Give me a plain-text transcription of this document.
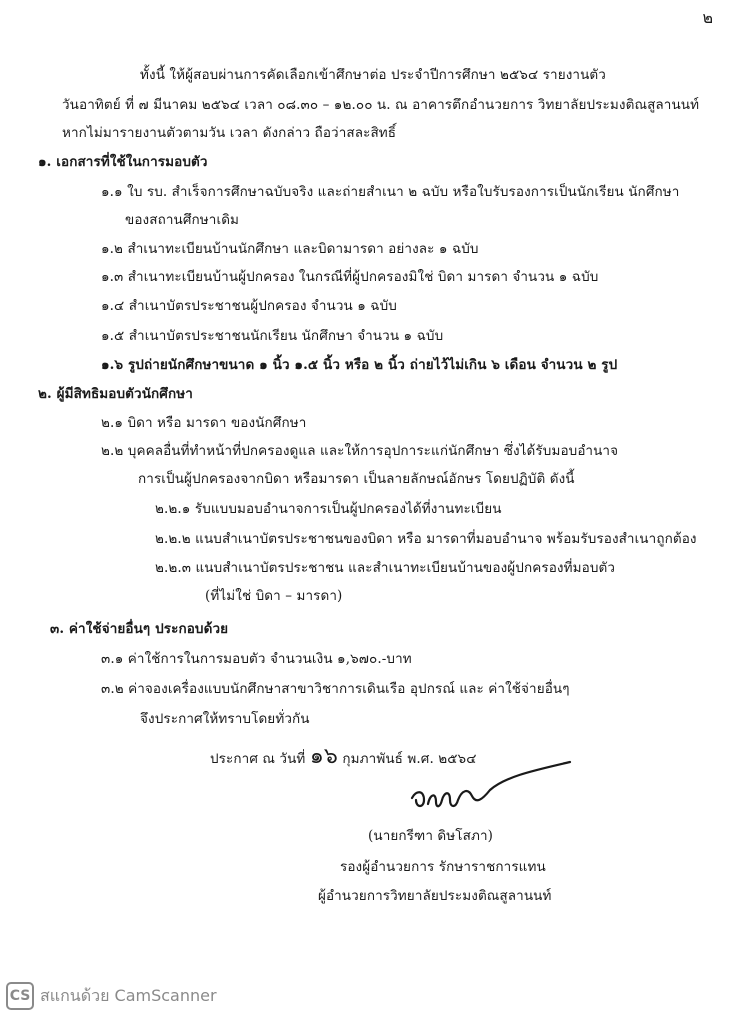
๒
ทั้งนี้ ให้ผู้สอบผ่านการคัดเลือกเข้าศึกษาต่อ ประจำปีการศึกษา ๒๕๖๔ รายงานตัว
วันอาทิตย์ ที่ ๗ มีนาคม ๒๕๖๔ เวลา ๐๘.๓๐ – ๑๒.๐๐ น. ณ อาคารตึกอำนวยการ วิทยาลัยประมงติณสูลานนท์
หากไม่มารายงานตัวตามวัน เวลา ดังกล่าว ถือว่าสละสิทธิ์
๑. เอกสารที่ใช้ในการมอบตัว
๑.๑ ใบ รบ. สำเร็จการศึกษาฉบับจริง และถ่ายสำเนา ๒ ฉบับ หรือใบรับรองการเป็นนักเรียน นักศึกษา
ของสถานศึกษาเดิม
๑.๒ สำเนาทะเบียนบ้านนักศึกษา และบิดามารดา อย่างละ ๑ ฉบับ
๑.๓ สำเนาทะเบียนบ้านผู้ปกครอง ในกรณีที่ผู้ปกครองมิใช่ บิดา มารดา จำนวน ๑ ฉบับ
๑.๔ สำเนาบัตรประชาชนผู้ปกครอง จำนวน ๑ ฉบับ
๑.๕ สำเนาบัตรประชาชนนักเรียน นักศึกษา จำนวน ๑ ฉบับ
๑.๖ รูปถ่ายนักศึกษาขนาด ๑ นิ้ว ๑.๕ นิ้ว หรือ ๒ นิ้ว ถ่ายไว้ไม่เกิน ๖ เดือน จำนวน ๒ รูป
๒. ผู้มีสิทธิมอบตัวนักศึกษา
๒.๑ บิดา หรือ มารดา ของนักศึกษา
๒.๒ บุคคลอื่นที่ทำหน้าที่ปกครองดูแล และให้การอุปการะแก่นักศึกษา ซึ่งได้รับมอบอำนาจ
การเป็นผู้ปกครองจากบิดา หรือมารดา เป็นลายลักษณ์อักษร โดยปฏิบัติ ดังนี้
๒.๒.๑ รับแบบมอบอำนาจการเป็นผู้ปกครองได้ที่งานทะเบียน
๒.๒.๒ แนบสำเนาบัตรประชาชนของบิดา หรือ มารดาที่มอบอำนาจ พร้อมรับรองสำเนาถูกต้อง
๒.๒.๓ แนบสำเนาบัตรประชาชน และสำเนาทะเบียนบ้านของผู้ปกครองที่มอบตัว
(ที่ไม่ใช่ บิดา – มารดา)
๓. ค่าใช้จ่ายอื่นๆ ประกอบด้วย
๓.๑ ค่าใช้การในการมอบตัว จำนวนเงิน ๑,๖๗๐.-บาท
๓.๒ ค่าจองเครื่องแบบนักศึกษาสาขาวิชาการเดินเรือ อุปกรณ์ และ ค่าใช้จ่ายอื่นๆ
จึงประกาศให้ทราบโดยทั่วกัน
ประกาศ ณ วันที่ ๑๖ กุมภาพันธ์ พ.ศ. ๒๕๖๔
(นายกรีฑา ดิษโสภา)
รองผู้อำนวยการ รักษาราชการแทน
ผู้อำนวยการวิทยาลัยประมงติณสูลานนท์
CS สแกนด้วย CamScanner
